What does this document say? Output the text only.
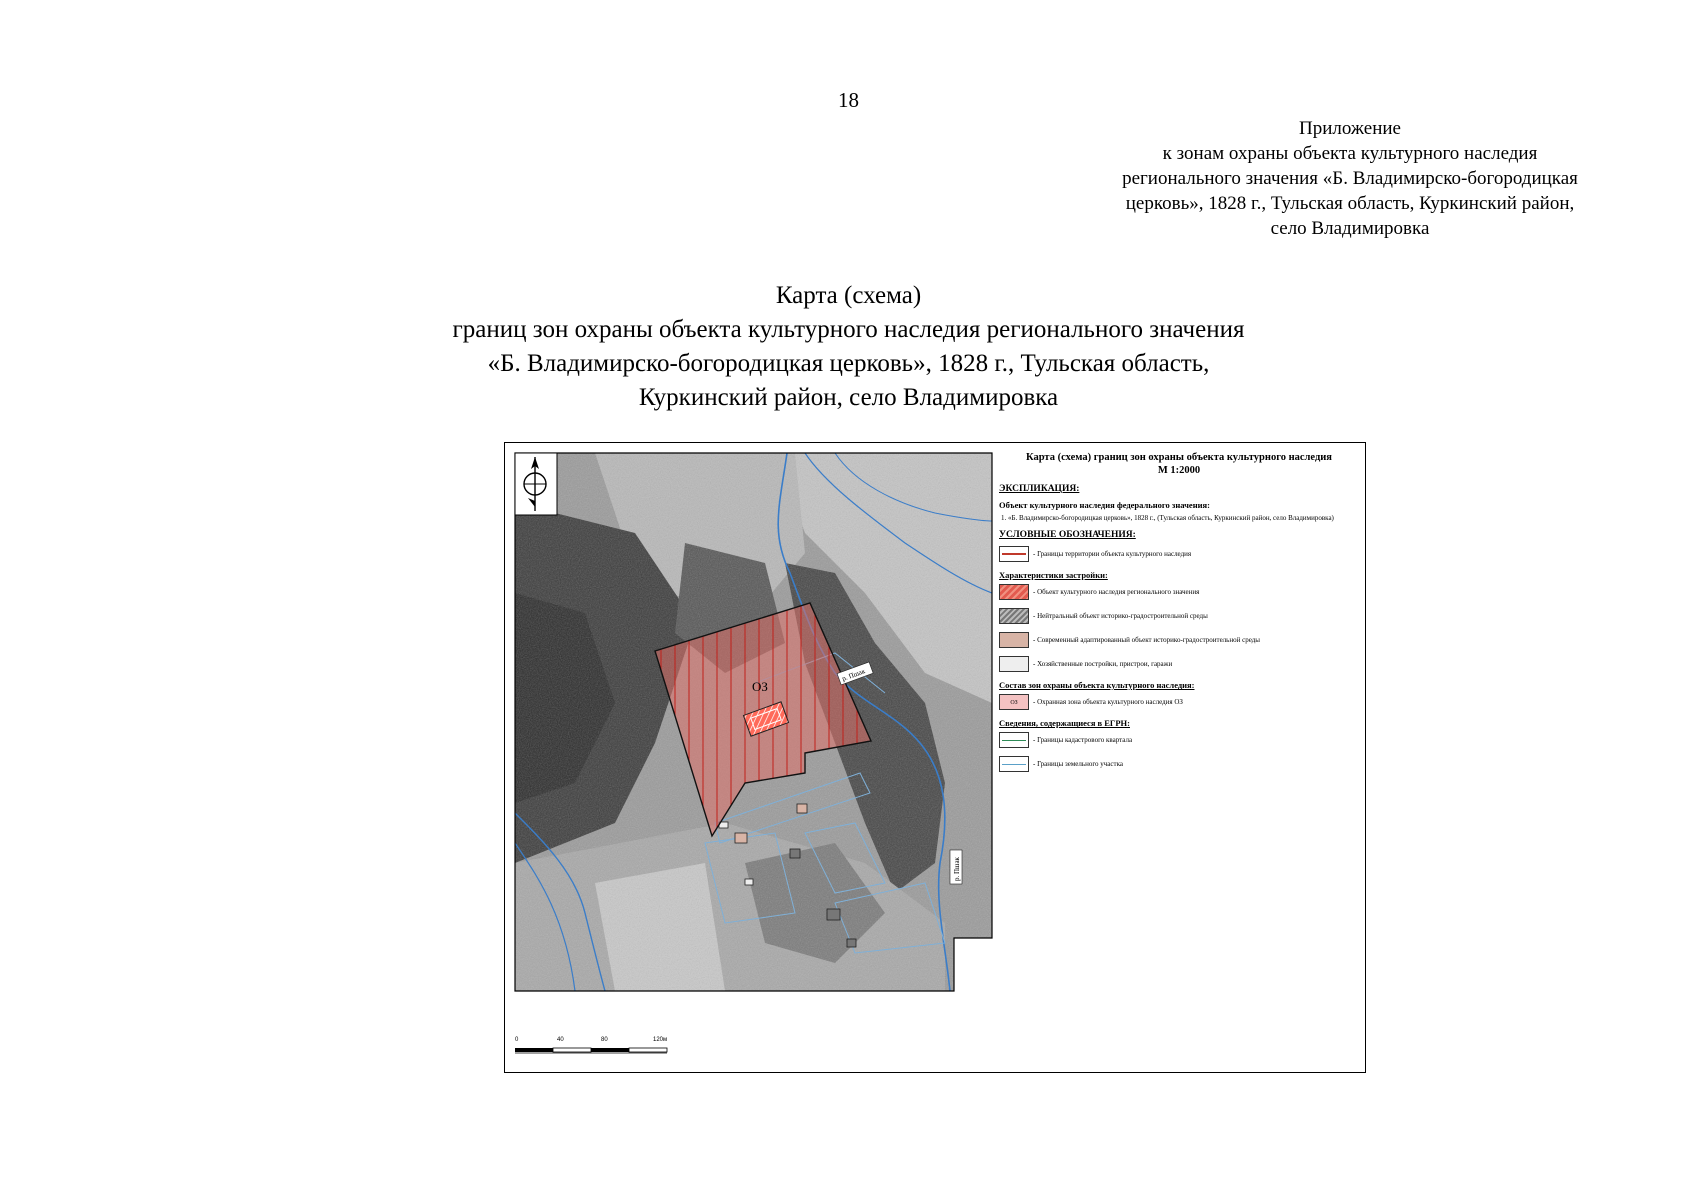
18
Приложение
к зонам охраны объекта культурного наследия
регионального значения «Б. Владимирско-богородицкая
церковь», 1828 г., Тульская область, Куркинский район,
село Владимировка
Карта (схема)
границ зон охраны объекта культурного наследия регионального значения
«Б. Владимирско-богородицкая церковь», 1828 г., Тульская область,
Куркинский район, село Владимировка
ОЗ
р. Пшак
р. Пшак
0	40	80	120м
Карта (схема) границ зон охраны объекта культурного наследия
М 1:2000
ЭКСПЛИКАЦИЯ:
Объект культурного наследия федерального значения:
1. «Б. Владимирско-богородицкая церковь», 1828 г., (Тульская область, Куркинский район, село Владимировка)
УСЛОВНЫЕ ОБОЗНАЧЕНИЯ:
- Границы территории объекта культурного наследия
Характеристики застройки:
- Объект культурного наследия регионального значения
- Нейтральный объект историко-градостроительной среды
- Современный адаптированный объект историко-градостроительной среды
- Хозяйственные постройки, пристрои, гаражи
Состав зон охраны объекта культурного наследия:
ОЗ	- Охранная зона объекта культурного наследия ОЗ
Сведения, содержащиеся в ЕГРН:
- Границы кадастрового квартала
- Границы земельного участка
